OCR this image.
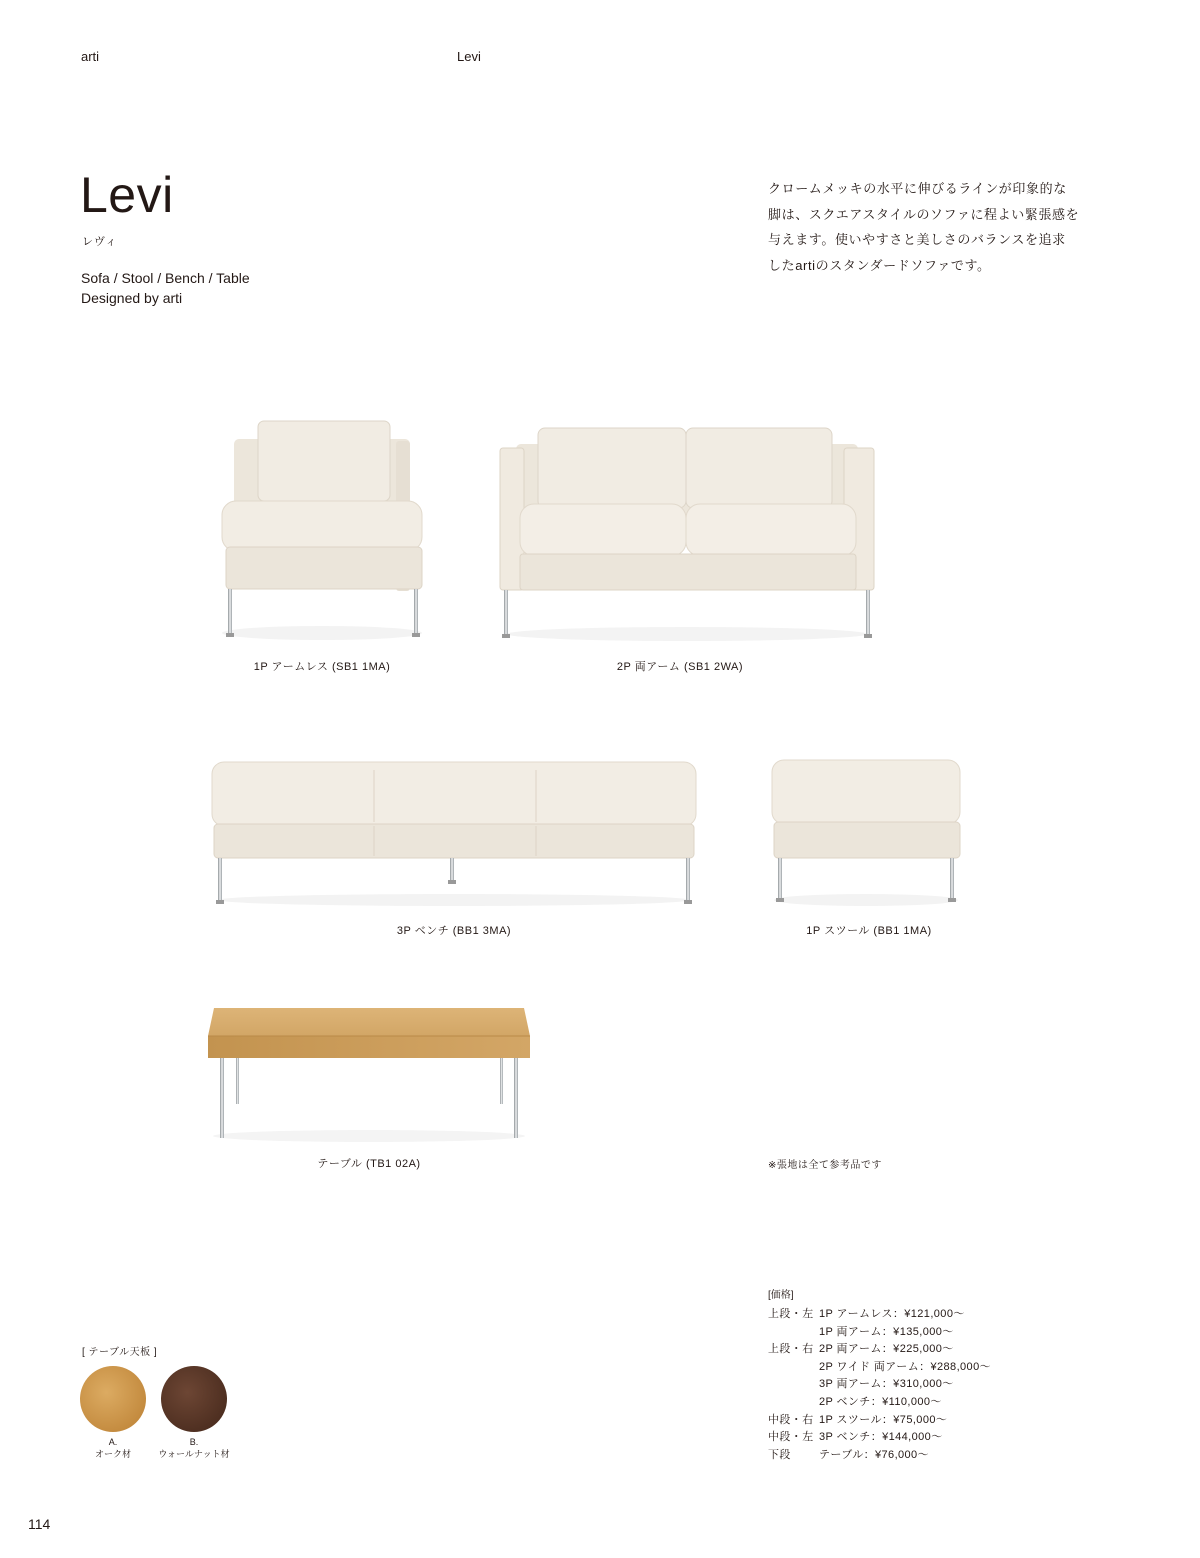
arti	Levi
Levi
レヴィ
Sofa / Stool / Bench / Table
Designed by arti
クロームメッキの水平に伸びるラインが印象的な
脚は、スクエアスタイルのソファに程よい緊張感を
与えます。使いやすさと美しさのバランスを追求
したartiのスタンダードソファです。
1P アームレス (SB1 1MA)	2P 両アーム (SB1 2WA)
3P ベンチ (BB1 3MA)	1P スツール (BB1 1MA)
テーブル (TB1 02A)	※張地は全て参考品です
[ テーブル天板 ]
A.
オーク材
B.
ウォールナット材
[価格]
上段・左 1P アームレス：¥121,000～
1P 両アーム：¥135,000～
上段・右 2P 両アーム：¥225,000～
2P ワイド 両アーム：¥288,000～
3P 両アーム：¥310,000～
2P ベンチ：¥110,000～
中段・右 1P スツール：¥75,000～
中段・左 3P ベンチ：¥144,000～
下段	テーブル：¥76,000～
114
